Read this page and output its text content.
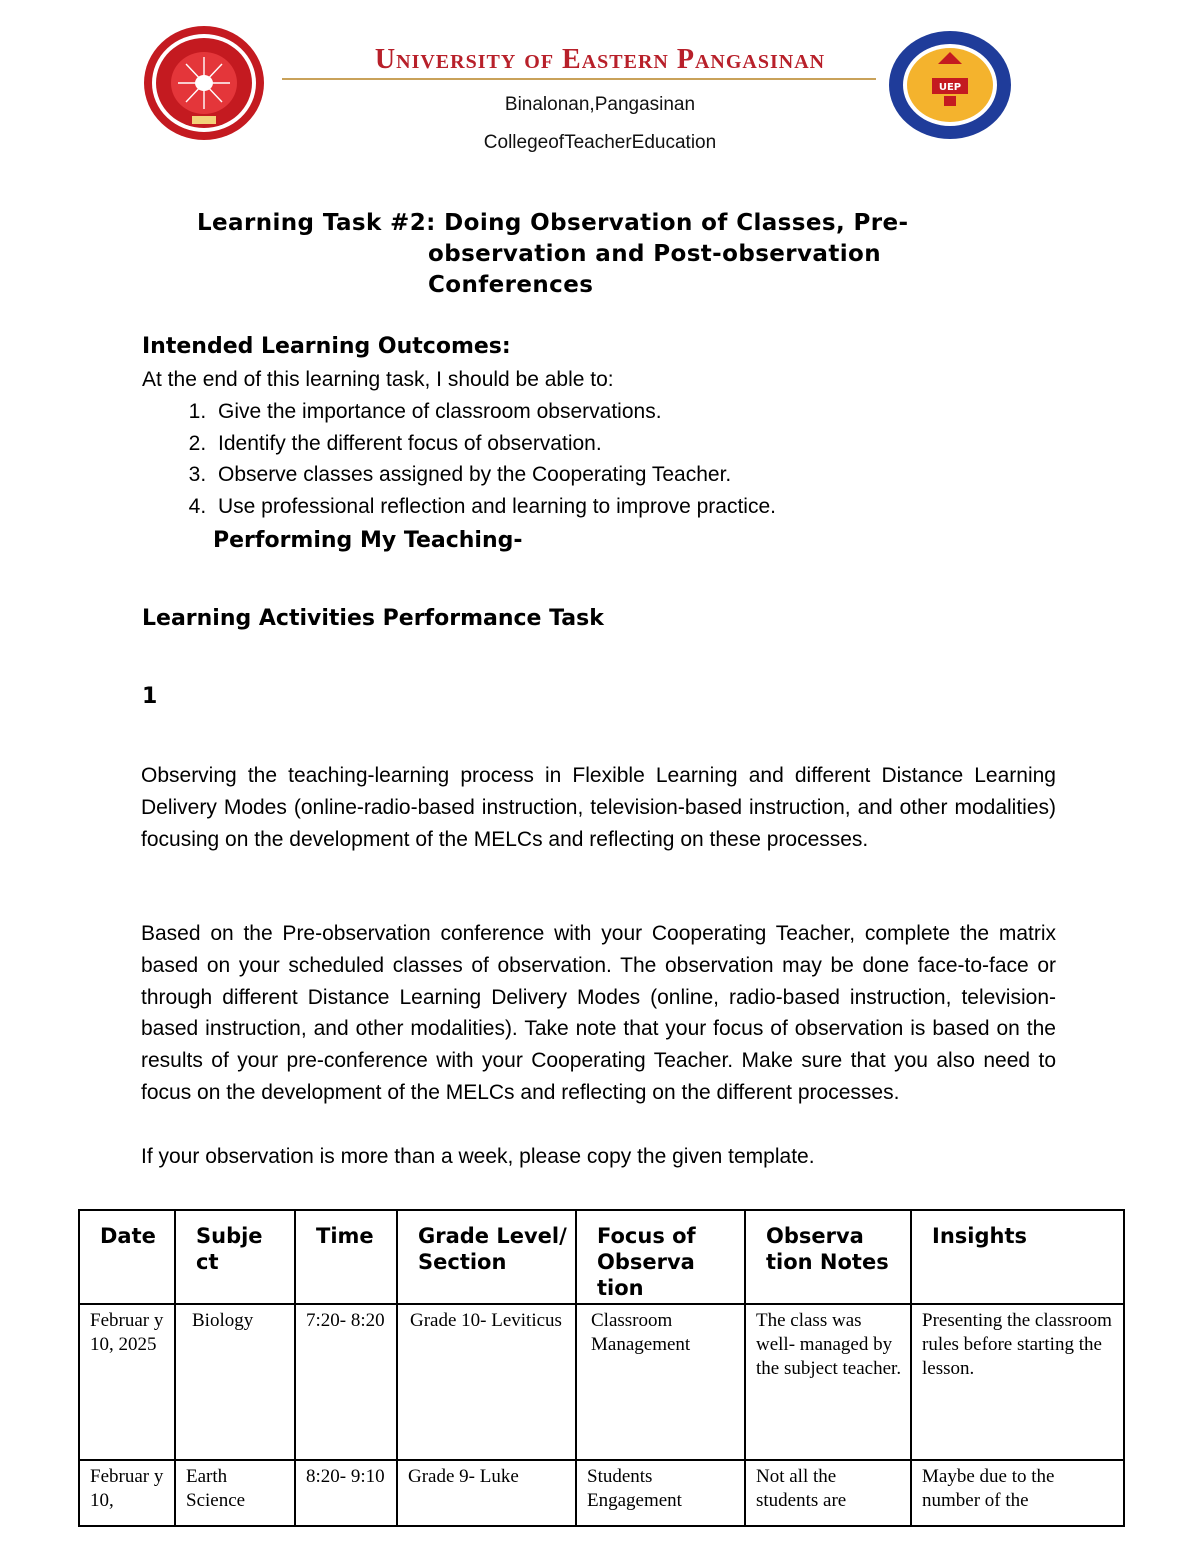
University of Eastern Pangasinan
UEP
Binalonan,Pangasinan
CollegeofTeacherEducation
Learning Task #2: Doing Observation of Classes, Pre-
observation and Post-observation
Conferences
Intended Learning Outcomes:
At the end of this learning task, I should be able to:
1. Give the importance of classroom observations.
2. Identify the different focus of observation.
3. Observe classes assigned by the Cooperating Teacher.
4. Use professional reflection and learning to improve practice.
Performing My Teaching-
Learning Activities Performance Task
1
Observing the teaching-learning process in Flexible Learning and different Distance Learning Delivery Modes (online-radio-based instruction, television-based instruction, and other modalities) focusing on the development of the MELCs and reflecting on these processes.
Based on the Pre-observation conference with your Cooperating Teacher, complete the matrix based on your scheduled classes of observation. The observation may be done face-to-face or through different Distance Learning Delivery Modes (online, radio-based instruction, television-based instruction, and other modalities). Take note that your focus of observation is based on the results of your pre-conference with your Cooperating Teacher. Make sure that you also need to focus on the development of the MELCs and reflecting on the different processes.
If your observation is more than a week, please copy the given template.
Date	Subje ct	Time	Grade Level/ Section	Focus of Observa tion	Observa tion Notes	Insights
Februar y 10, 2025	Biology	7:20- 8:20	Grade 10- Leviticus	Classroom Management	The class was well- managed by the subject teacher.	Presenting the classroom rules before starting the lesson.
Februar y 10,	Earth Science	8:20- 9:10	Grade 9- Luke	Students Engagement	Not all the students are	Maybe due to the number of the
